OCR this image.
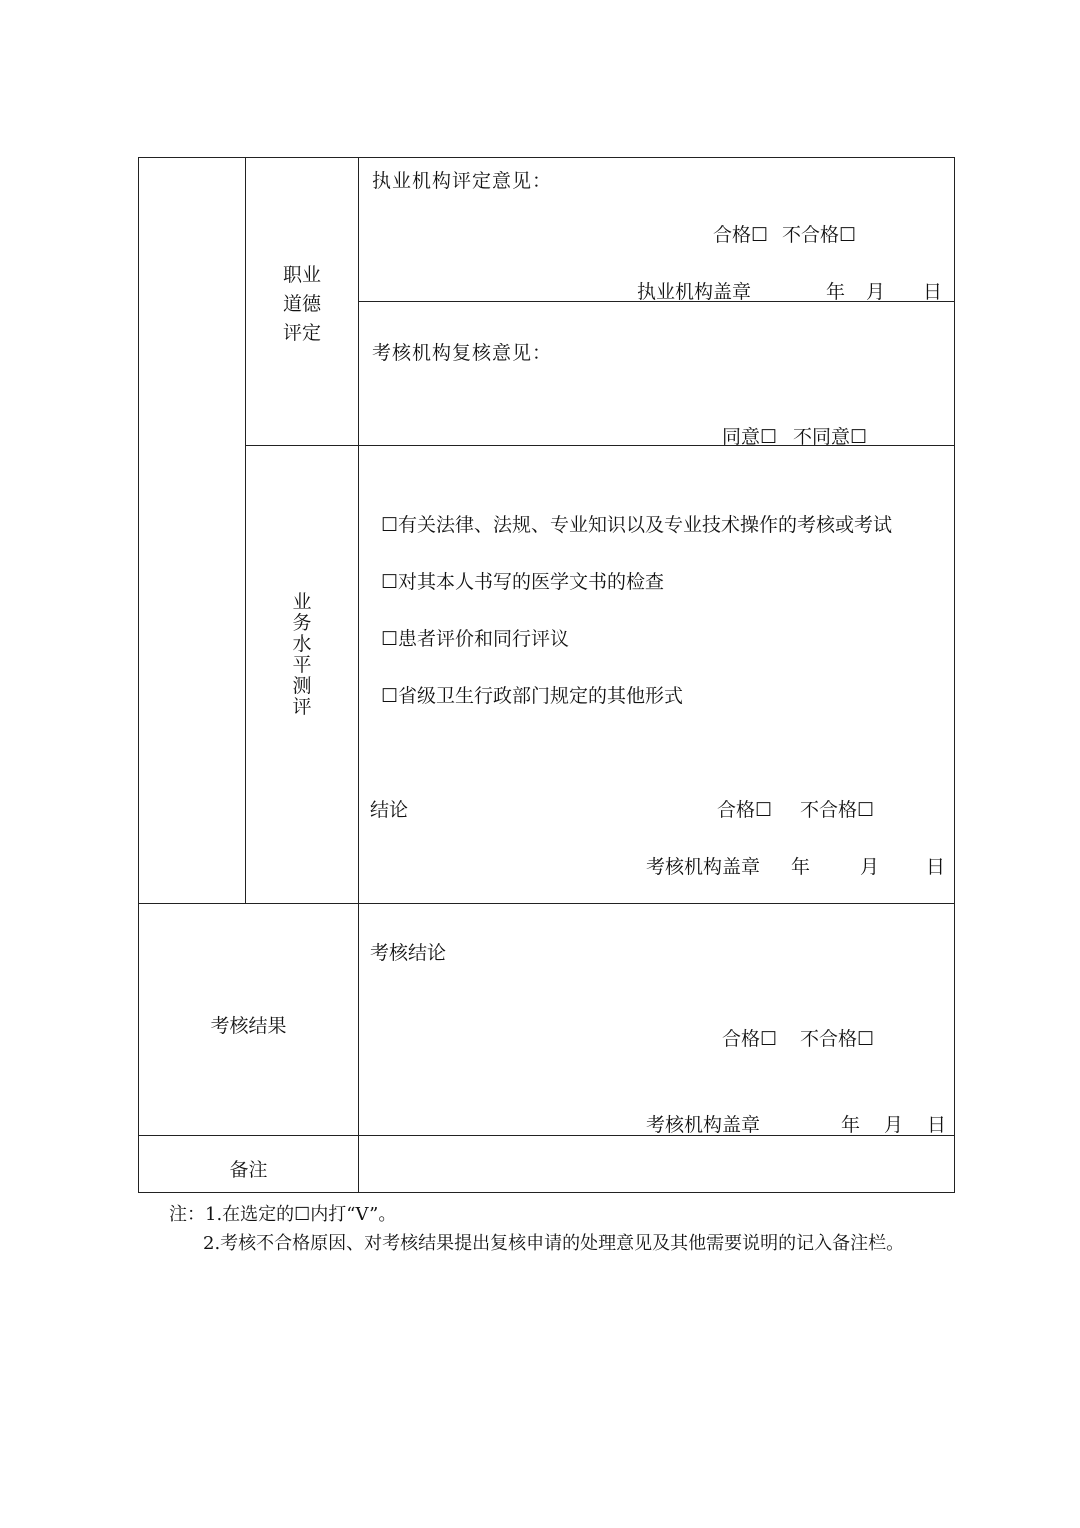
职业
道德
评定
执业机构评定意见：
合格☐ 不合格☐
执业机构盖章	年 月 日
考核机构复核意见：
同意☐ 不同意☐
业
务
水
平
测
评
☐有关法律、法规、专业知识以及专业技术操作的考核或考试
☐对其本人书写的医学文书的检查
☐患者评价和同行评议
☐省级卫生行政部门规定的其他形式
结论	合格☐ 不合格☐
考核机构盖章 年	月 日
考核结果
考核结论
合格☐ 不合格☐
考核机构盖章	年 月 日
备注
注：1.在选定的☐内打“V”。
2.考核不合格原因、对考核结果提出复核申请的处理意见及其他需要说明的记入备注栏。
